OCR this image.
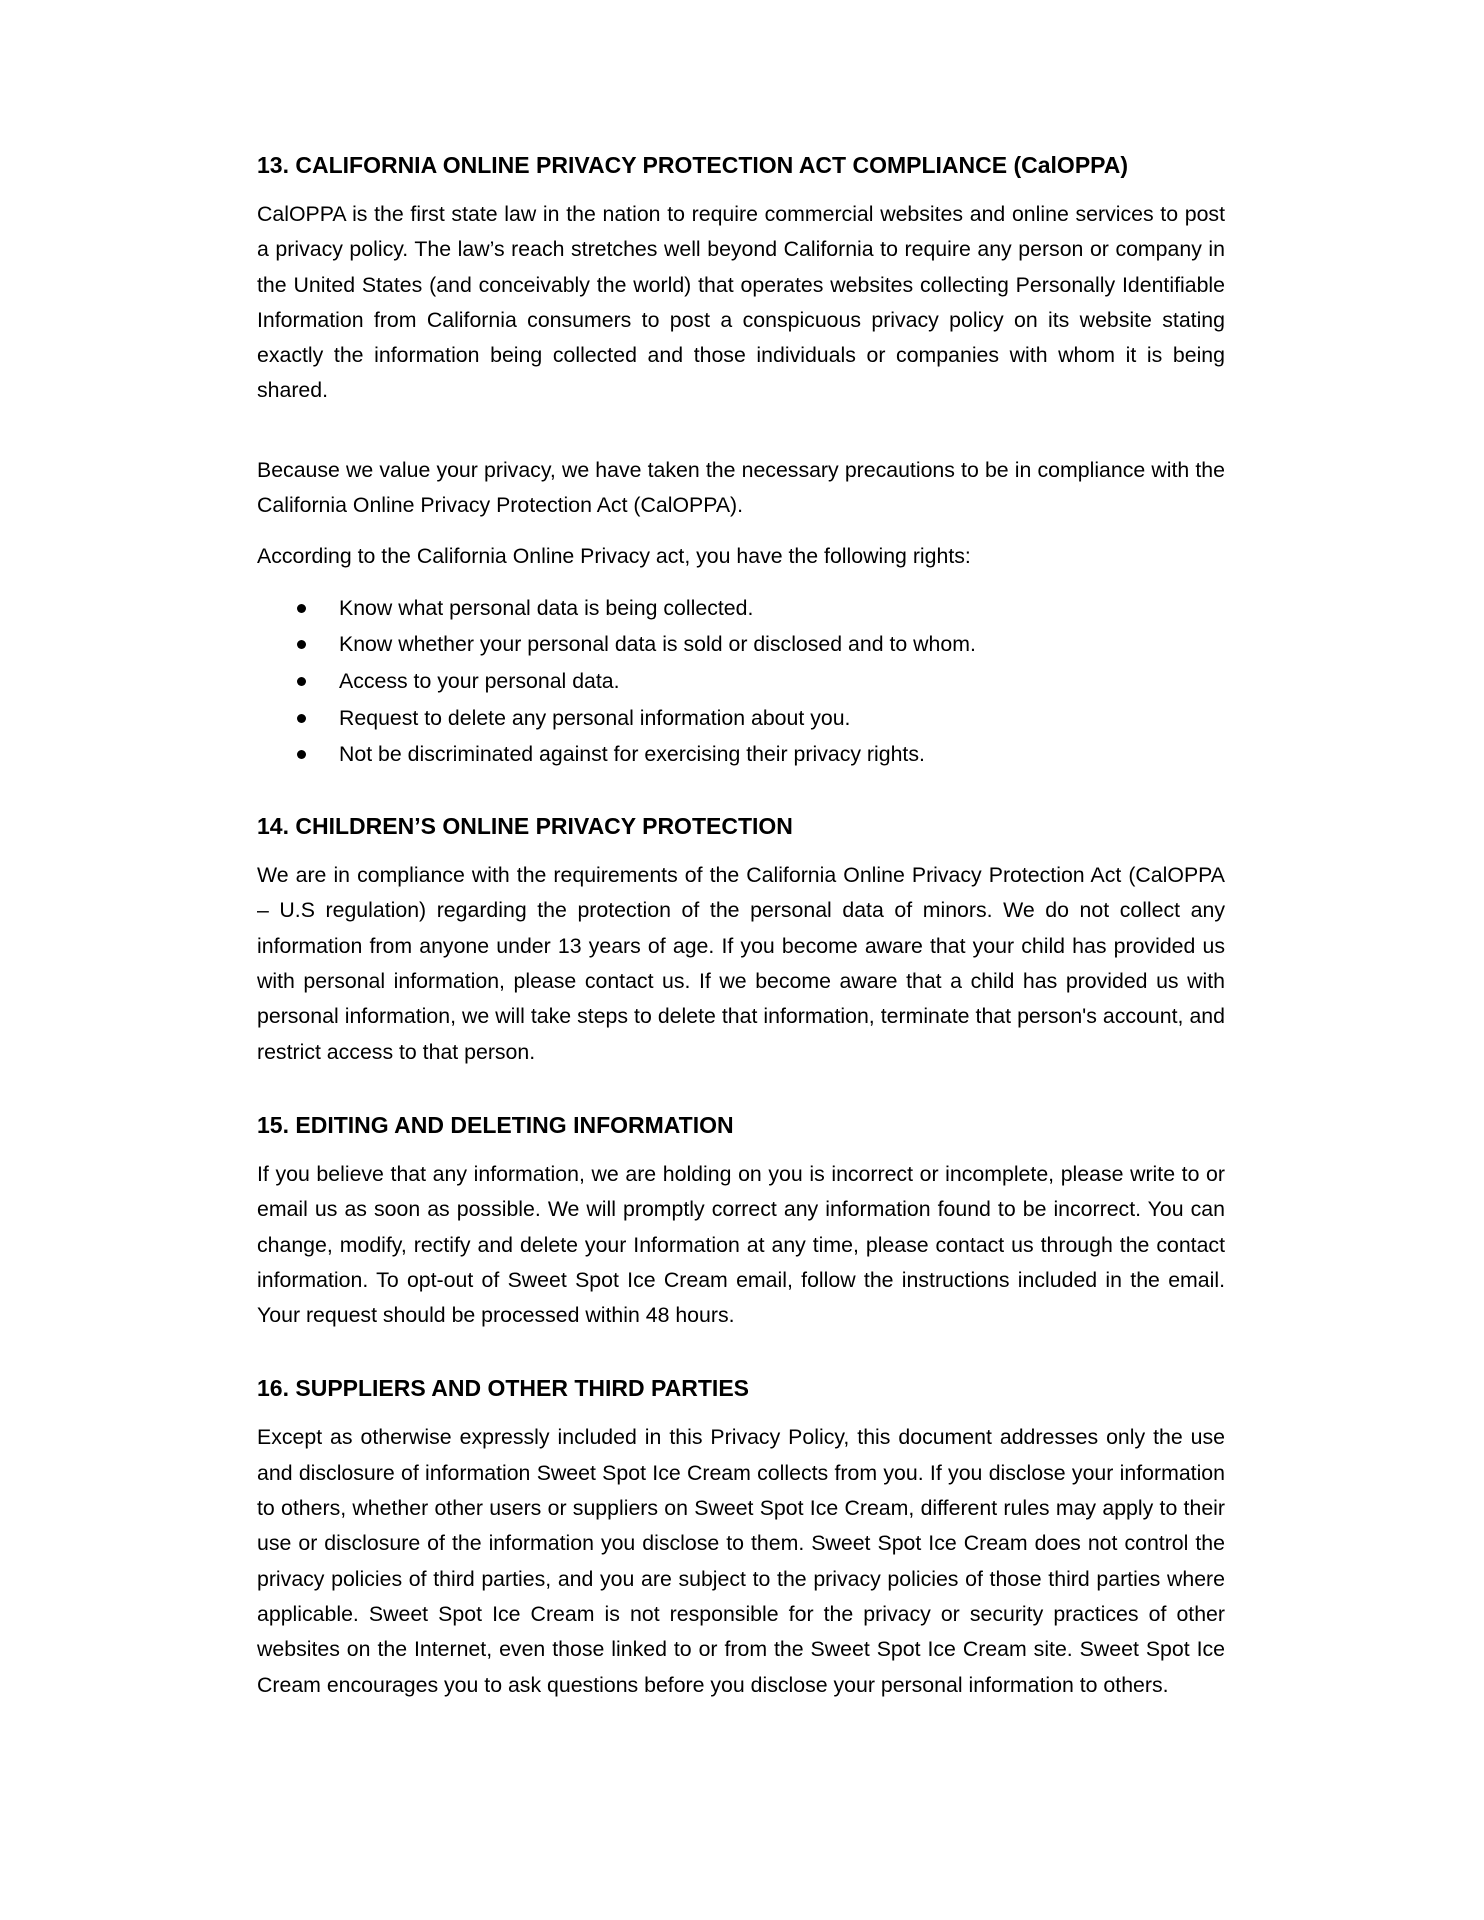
13. CALIFORNIA ONLINE PRIVACY PROTECTION ACT COMPLIANCE (CalOPPA)

CalOPPA is the first state law in the nation to require commercial websites and online services to post a privacy policy. The law’s reach stretches well beyond California to require any person or company in the United States (and conceivably the world) that operates websites collecting Personally Identifiable Information from California consumers to post a conspicuous privacy policy on its website stating exactly the information being collected and those individuals or companies with whom it is being shared.

Because we value your privacy, we have taken the necessary precautions to be in compliance with the California Online Privacy Protection Act (CalOPPA).

According to the California Online Privacy act, you have the following rights:

Know what personal data is being collected.
Know whether your personal data is sold or disclosed and to whom.
Access to your personal data.
Request to delete any personal information about you.
Not be discriminated against for exercising their privacy rights.
14. CHILDREN’S ONLINE PRIVACY PROTECTION

We are in compliance with the requirements of the California Online Privacy Protection Act (CalOPPA – U.S regulation) regarding the protection of the personal data of minors. We do not collect any information from anyone under 13 years of age. If you become aware that your child has provided us with personal information, please contact us. If we become aware that a child has provided us with personal information, we will take steps to delete that information, terminate that person's account, and restrict access to that person.

15. EDITING AND DELETING INFORMATION

If you believe that any information, we are holding on you is incorrect or incomplete, please write to or email us as soon as possible. We will promptly correct any information found to be incorrect. You can change, modify, rectify and delete your Information at any time, please contact us through the contact information. To opt-out of Sweet Spot Ice Cream email, follow the instructions included in the email. Your request should be processed within 48 hours.

16. SUPPLIERS AND OTHER THIRD PARTIES

Except as otherwise expressly included in this Privacy Policy, this document addresses only the use and disclosure of information Sweet Spot Ice Cream collects from you. If you disclose your information to others, whether other users or suppliers on Sweet Spot Ice Cream, different rules may apply to their use or disclosure of the information you disclose to them. Sweet Spot Ice Cream does not control the privacy policies of third parties, and you are subject to the privacy policies of those third parties where applicable. Sweet Spot Ice Cream is not responsible for the privacy or security practices of other websites on the Internet, even those linked to or from the Sweet Spot Ice Cream site. Sweet Spot Ice Cream encourages you to ask questions before you disclose your personal information to others.
